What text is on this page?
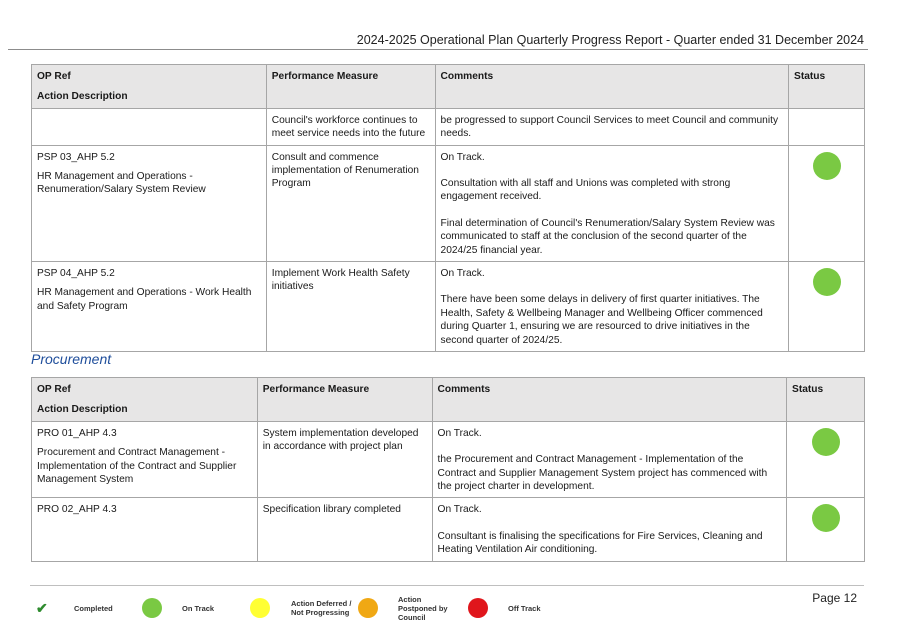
2024-2025 Operational Plan Quarterly Progress Report - Quarter ended 31 December 2024
OP Ref
Action Description	Performance Measure	Comments	Status
	Council's workforce continues to meet service needs into the future	be progressed to support Council Services to meet Council and community needs.	

PSP 03_AHP 5.2
HR Management and Operations - Renumeration/Salary System Review	Consult and commence implementation of Renumeration Program	On Track.
Consultation with all staff and Unions was completed with strong engagement received.
Final determination of Council's Renumeration/Salary System Review was communicated to staff at the conclusion of the second quarter of the 2024/25 financial year.	

PSP 04_AHP 5.2
HR Management and Operations - Work Health and Safety Program	Implement Work Health Safety initiatives	On Track.
There have been some delays in delivery of first quarter initiatives. The Health, Safety & Wellbeing Manager and Wellbeing Officer commenced during Quarter 1, ensuring we are resourced to drive initiatives in the second quarter of 2024/25.	

Procurement
OP Ref
Action Description	Performance Measure	Comments	Status

PRO 01_AHP 4.3
Procurement and Contract Management - Implementation of the Contract and Supplier Management System	System implementation developed in accordance with project plan	On Track.
the Procurement and Contract Management - Implementation of the Contract and Supplier Management System project has commenced with the project charter in development.	

PRO 02_AHP 4.3	Specification library completed	On Track.
Consultant is finalising the specifications for Fire Services, Cleaning and Heating Ventilation Air conditioning.	

Page 12
✔	Completed	On Track	Action Deferred /
Not Progressing
Action
Postponed by
Council
Off Track
